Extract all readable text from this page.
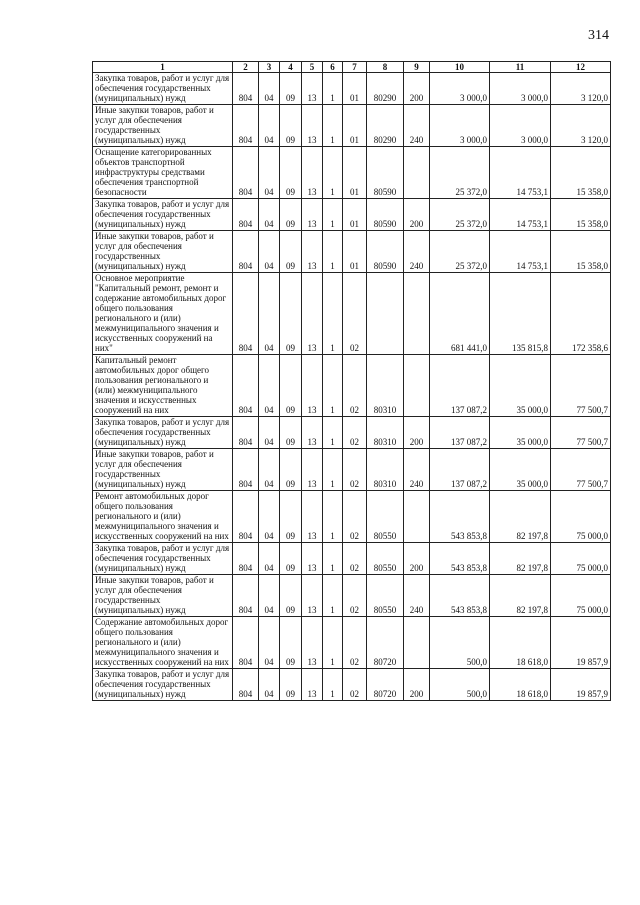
314
1	2	3	4	5	6	7	8	9	10	11	12
Закупка товаров, работ и услуг для обеспечения государственных (муниципальных) нужд	804	04	09	13	1	01	80290	200	3 000,0	3 000,0	3 120,0
Иные закупки товаров, работ и услуг для обеспечения государственных (муниципальных) нужд	804	04	09	13	1	01	80290	240	3 000,0	3 000,0	3 120,0
Оснащение категорированных объектов транспортной инфраструктуры средствами обеспечения транспортной безопасности	804	04	09	13	1	01	80590		25 372,0	14 753,1	15 358,0
Закупка товаров, работ и услуг для обеспечения государственных (муниципальных) нужд	804	04	09	13	1	01	80590	200	25 372,0	14 753,1	15 358,0
Иные закупки товаров, работ и услуг для обеспечения государственных (муниципальных) нужд	804	04	09	13	1	01	80590	240	25 372,0	14 753,1	15 358,0
Основное мероприятие "Капитальный ремонт, ремонт и содержание автомобильных дорог общего пользования регионального и (или) межмуниципального значения и искусственных сооружений на них"	804	04	09	13	1	02			681 441,0	135 815,8	172 358,6
Капитальный ремонт автомобильных дорог общего пользования регионального и (или) межмуниципального значения и искусственных сооружений на них	804	04	09	13	1	02	80310		137 087,2	35 000,0	77 500,7
Закупка товаров, работ и услуг для обеспечения государственных (муниципальных) нужд	804	04	09	13	1	02	80310	200	137 087,2	35 000,0	77 500,7
Иные закупки товаров, работ и услуг для обеспечения государственных (муниципальных) нужд	804	04	09	13	1	02	80310	240	137 087,2	35 000,0	77 500,7
Ремонт автомобильных дорог общего пользования регионального и (или) межмуниципального значения и искусственных сооружений на них	804	04	09	13	1	02	80550		543 853,8	82 197,8	75 000,0
Закупка товаров, работ и услуг для обеспечения государственных (муниципальных) нужд	804	04	09	13	1	02	80550	200	543 853,8	82 197,8	75 000,0
Иные закупки товаров, работ и услуг для обеспечения государственных (муниципальных) нужд	804	04	09	13	1	02	80550	240	543 853,8	82 197,8	75 000,0
Содержание автомобильных дорог общего пользования регионального и (или) межмуниципального значения и искусственных сооружений на них	804	04	09	13	1	02	80720		500,0	18 618,0	19 857,9
Закупка товаров, работ и услуг для обеспечения государственных (муниципальных) нужд	804	04	09	13	1	02	80720	200	500,0	18 618,0	19 857,9
